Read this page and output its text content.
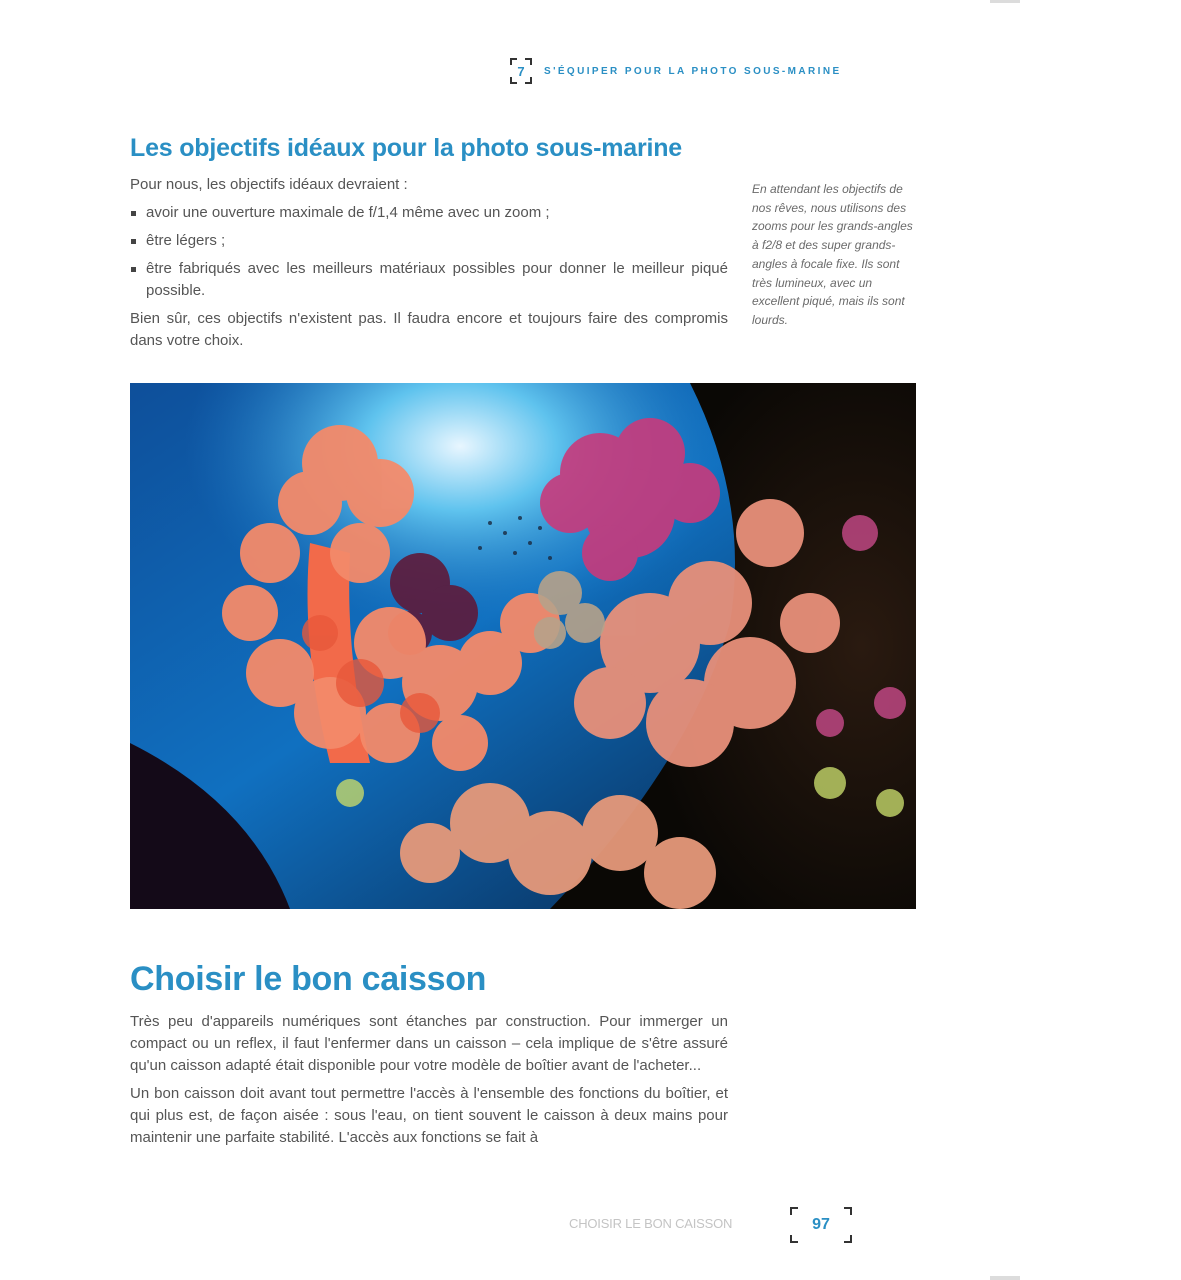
7 S'ÉQUIPER POUR LA PHOTO SOUS-MARINE
Les objectifs idéaux pour la photo sous-marine

Pour nous, les objectifs idéaux devraient :

avoir une ouverture maximale de f/1,4 même avec un zoom ;
être légers ;
être fabriqués avec les meilleurs matériaux possibles pour donner le meilleur piqué possible.

Bien sûr, ces objectifs n'existent pas. Il faudra encore et toujours faire des compromis dans votre choix.

En attendant les objectifs de nos rêves, nous utilisons des zooms pour les grands-angles à f2/8 et des super grands-angles à focale fixe. Ils sont très lumineux, avec un excellent piqué, mais ils sont lourds.
Choisir le bon caisson

Très peu d'appareils numériques sont étanches par construction. Pour immerger un compact ou un reflex, il faut l'enfermer dans un caisson – cela implique de s'être assuré qu'un caisson adapté était disponible pour votre modèle de boîtier avant de l'acheter...

Un bon caisson doit avant tout permettre l'accès à l'ensemble des fonctions du boîtier, et qui plus est, de façon aisée : sous l'eau, on tient souvent le caisson à deux mains pour maintenir une parfaite stabilité. L'accès aux fonctions se fait à

CHOISIR LE BON CAISSON	97
